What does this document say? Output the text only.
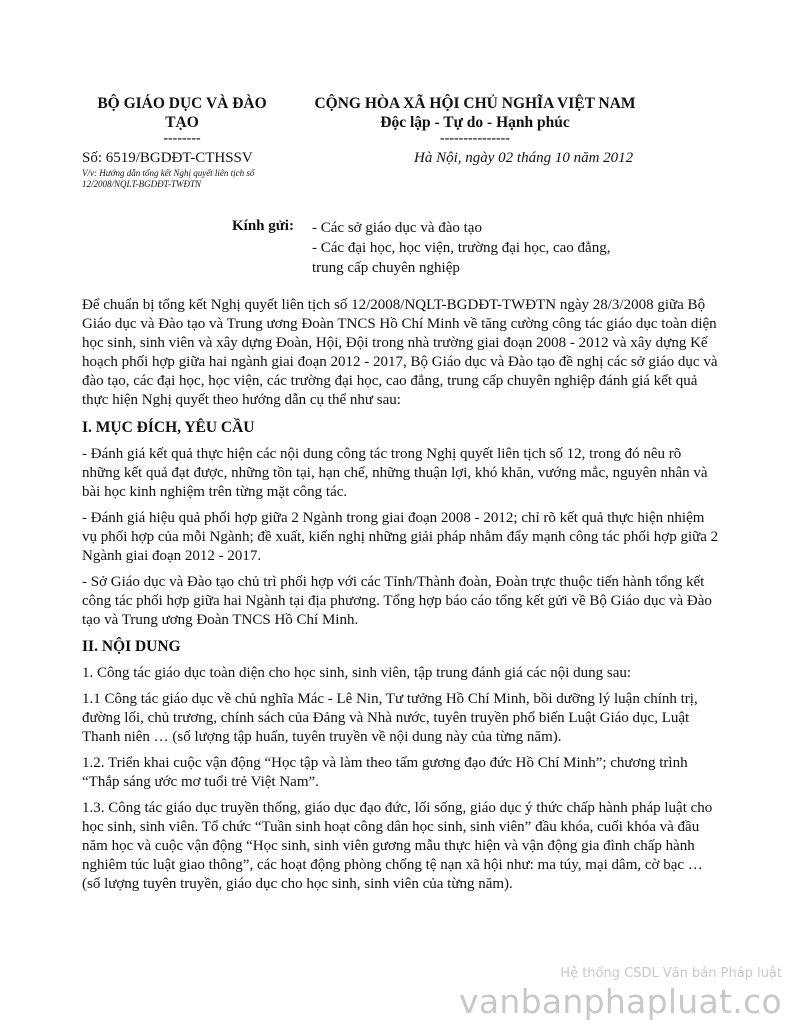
BỘ GIÁO DỤC VÀ ĐÀO TẠO
--------
CỘNG HÒA XÃ HỘI CHỦ NGHĨA VIỆT NAM
Độc lập - Tự do - Hạnh phúc
---------------
Số: 6519/BGDĐT-CTHSSV
V/v: Hướng dẫn tổng kết Nghị quyết liên tịch số 12/2008/NQLT-BGDĐT-TWĐTN
Hà Nội, ngày 02 tháng 10 năm 2012
Kính gửi: - Các sở giáo dục và đào tạo
- Các đại học, học viện, trường đại học, cao đẳng,
trung cấp chuyên nghiệp

Để chuẩn bị tổng kết Nghị quyết liên tịch số 12/2008/NQLT-BGDĐT-TWĐTN ngày 28/3/2008 giữa Bộ Giáo dục và Đào tạo và Trung ương Đoàn TNCS Hồ Chí Minh về tăng cường công tác giáo dục toàn diện học sinh, sinh viên và xây dựng Đoàn, Hội, Đội trong nhà trường giai đoạn 2008 - 2012 và xây dựng Kế hoạch phối hợp giữa hai ngành giai đoạn 2012 - 2017, Bộ Giáo dục và Đào tạo đề nghị các sở giáo dục và đào tạo, các đại học, học viện, các trường đại học, cao đẳng, trung cấp chuyên nghiệp đánh giá kết quả thực hiện Nghị quyết theo hướng dẫn cụ thể như sau:

I. MỤC ĐÍCH, YÊU CẦU

- Đánh giá kết quả thực hiện các nội dung công tác trong Nghị quyết liên tịch số 12, trong đó nêu rõ những kết quả đạt được, những tồn tại, hạn chế, những thuận lợi, khó khăn, vướng mắc, nguyên nhân và bài học kinh nghiệm trên từng mặt công tác.

- Đánh giá hiệu quả phối hợp giữa 2 Ngành trong giai đoạn 2008 - 2012; chỉ rõ kết quả thực hiện nhiệm vụ phối hợp của mỗi Ngành; đề xuất, kiến nghị những giải pháp nhằm đẩy mạnh công tác phối hợp giữa 2 Ngành giai đoạn 2012 - 2017.

- Sở Giáo dục và Đào tạo chủ trì phối hợp với các Tỉnh/Thành đoàn, Đoàn trực thuộc tiến hành tổng kết công tác phối hợp giữa hai Ngành tại địa phương. Tổng hợp báo cáo tổng kết gửi về Bộ Giáo dục và Đào tạo và Trung ương Đoàn TNCS Hồ Chí Minh.

II. NỘI DUNG

1. Công tác giáo dục toàn diện cho học sinh, sinh viên, tập trung đánh giá các nội dung sau:

1.1 Công tác giáo dục về chủ nghĩa Mác - Lê Nin, Tư tưởng Hồ Chí Minh, bồi dưỡng lý luận chính trị, đường lối, chủ trương, chính sách của Đảng và Nhà nước, tuyên truyền phổ biến Luật Giáo dục, Luật Thanh niên … (số lượng tập huấn, tuyên truyền về nội dung này của từng năm).

1.2. Triển khai cuộc vận động “Học tập và làm theo tấm gương đạo đức Hồ Chí Minh”; chương trình “Thắp sáng ước mơ tuổi trẻ Việt Nam”.

1.3. Công tác giáo dục truyền thống, giáo dục đạo đức, lối sống, giáo dục ý thức chấp hành pháp luật cho học sinh, sinh viên. Tổ chức “Tuần sinh hoạt công dân học sinh, sinh viên” đầu khóa, cuối khóa và đầu năm học và cuộc vận động “Học sinh, sinh viên gương mẫu thực hiện và vận động gia đình chấp hành nghiêm túc luật giao thông”, các hoạt động phòng chống tệ nạn xã hội như: ma túy, mại dâm, cờ bạc … (số lượng tuyên truyền, giáo dục cho học sinh, sinh viên của từng năm).

Hệ thống CSDL Văn bản Pháp luật
vanbanphapluat.co
